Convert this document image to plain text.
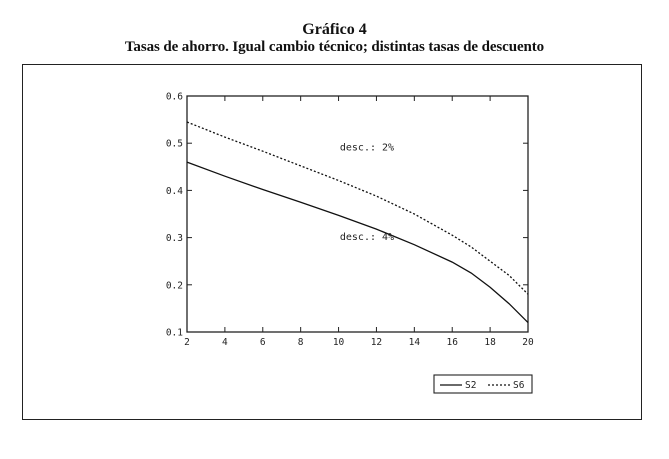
Gráfico 4
Tasas de ahorro. Igual cambio técnico; distintas tasas de descuento
0.1
0.2
0.3
0.4
0.5
0.6
2	4	6	8	10	12	14	16	18	20
desc.: 2%
desc.: 4%
S2	S6
